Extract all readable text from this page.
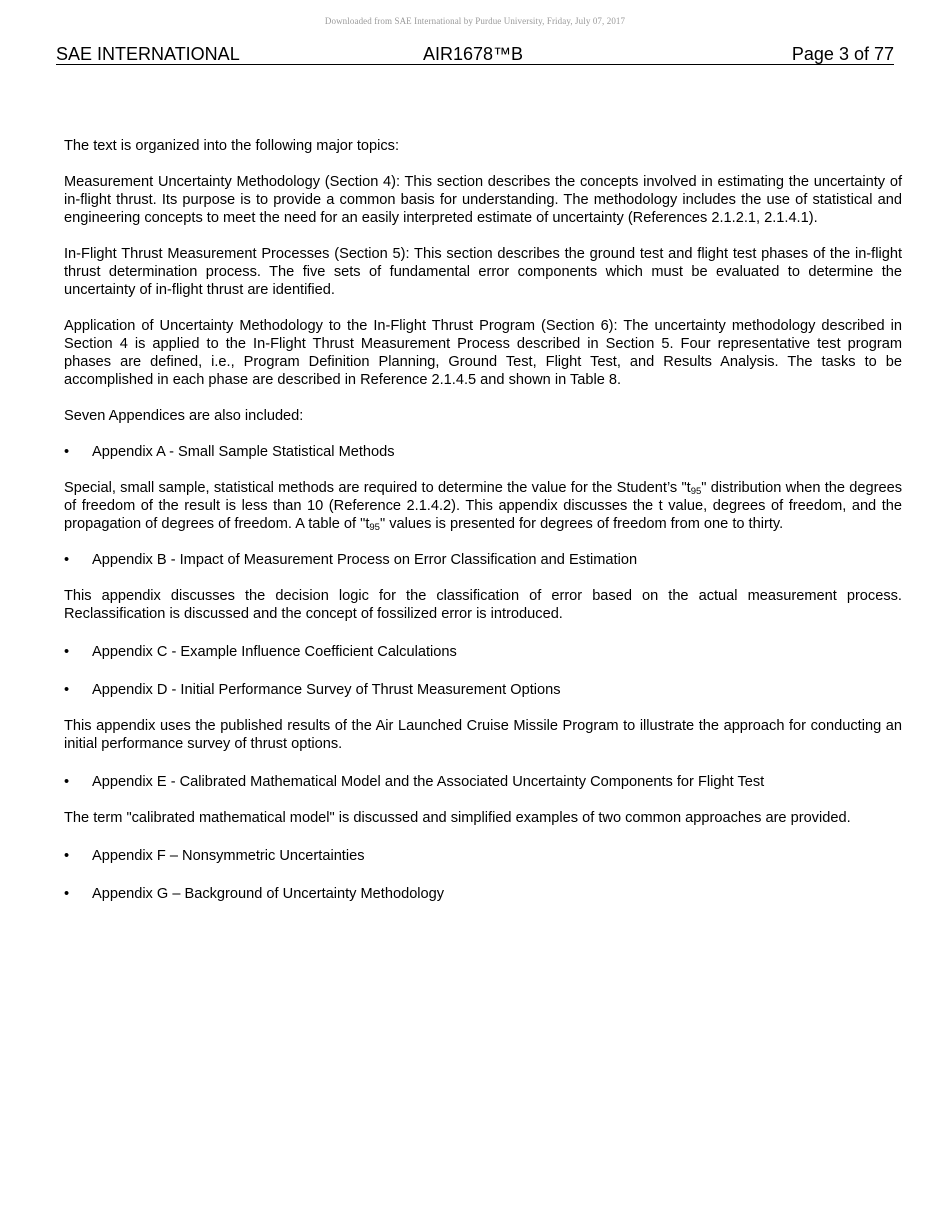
Downloaded from SAE International by Purdue University, Friday, July 07, 2017
SAE INTERNATIONAL	AIR1678™B	Page 3 of 77

The text is organized into the following major topics:

Measurement Uncertainty Methodology (Section 4): This section describes the concepts involved in estimating the uncertainty of in-flight thrust. Its purpose is to provide a common basis for understanding. The methodology includes the use of statistical and engineering concepts to meet the need for an easily interpreted estimate of uncertainty (References 2.1.2.1, 2.1.4.1).

In-Flight Thrust Measurement Processes (Section 5): This section describes the ground test and flight test phases of the in-flight thrust determination process. The five sets of fundamental error components which must be evaluated to determine the uncertainty of in-flight thrust are identified.

Application of Uncertainty Methodology to the In-Flight Thrust Program (Section 6): The uncertainty methodology described in Section 4 is applied to the In-Flight Thrust Measurement Process described in Section 5. Four representative test program phases are defined, i.e., Program Definition Planning, Ground Test, Flight Test, and Results Analysis. The tasks to be accomplished in each phase are described in Reference 2.1.4.5 and shown in Table 8.

Seven Appendices are also included:

• Appendix A - Small Sample Statistical Methods

Special, small sample, statistical methods are required to determine the value for the Student’s "$t_{95}$" distribution when the degrees of freedom of the result is less than 10 (Reference 2.1.4.2). This appendix discusses the t value, degrees of freedom, and the propagation of degrees of freedom. A table of "$t_{95}$" values is presented for degrees of freedom from one to thirty.

• Appendix B - Impact of Measurement Process on Error Classification and Estimation

This appendix discusses the decision logic for the classification of error based on the actual measurement process. Reclassification is discussed and the concept of fossilized error is introduced.

• Appendix C - Example Influence Coefficient Calculations
• Appendix D - Initial Performance Survey of Thrust Measurement Options

This appendix uses the published results of the Air Launched Cruise Missile Program to illustrate the approach for conducting an initial performance survey of thrust options.

• Appendix E - Calibrated Mathematical Model and the Associated Uncertainty Components for Flight Test

The term "calibrated mathematical model" is discussed and simplified examples of two common approaches are provided.

• Appendix F – Nonsymmetric Uncertainties
• Appendix G – Background of Uncertainty Methodology
